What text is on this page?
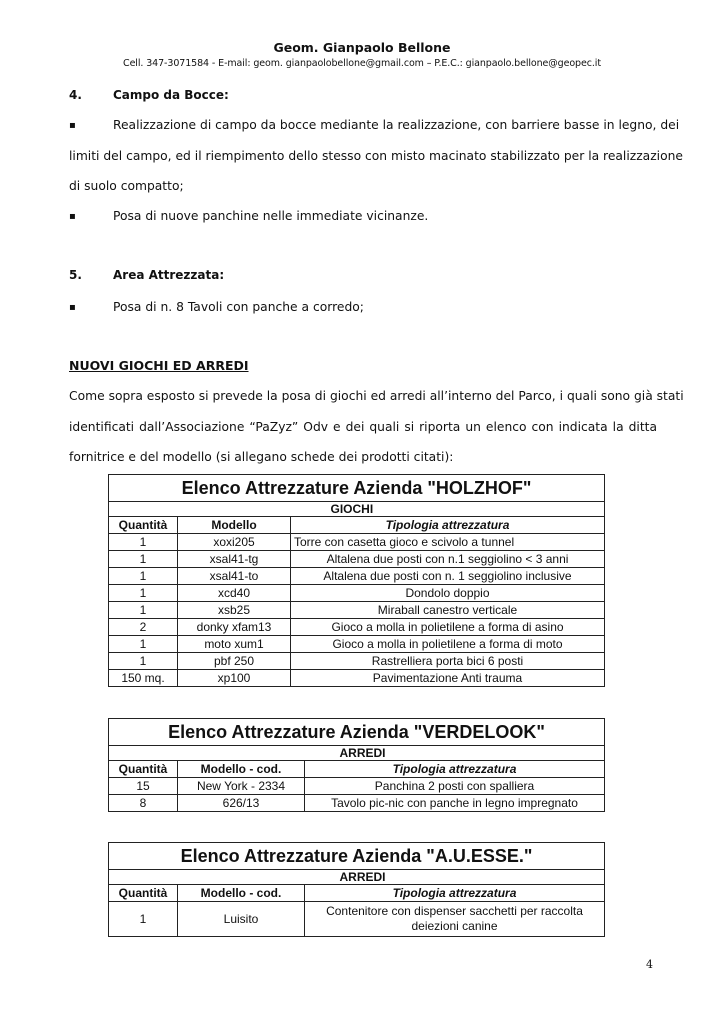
Geom. Gianpaolo Bellone
Cell. 347-3071584 - E-mail: geom. gianpaolobellone@gmail.com – P.E.C.: gianpaolo.bellone@geopec.it
4.	Campo da Bocce:
▪	Realizzazione di campo da bocce mediante la realizzazione, con barriere basse in legno, dei
limiti del campo, ed il riempimento dello stesso con misto macinato stabilizzato per la realizzazione
di suolo compatto;
▪	Posa di nuove panchine nelle immediate vicinanze.
5.	Area Attrezzata:
▪	Posa di n. 8 Tavoli con panche a corredo;
NUOVI GIOCHI ED ARREDI
Come sopra esposto si prevede la posa di giochi ed arredi all’interno del Parco, i quali sono già stati
identificati dall’Associazione “PaZyz” Odv e dei quali si riporta un elenco con indicata la ditta
fornitrice e del modello (si allegano schede dei prodotti citati):
Elenco Attrezzature Azienda "HOLZHOF"		
		GIOCHI
Quantità	Modello	Tipologia attrezzatura
1	xoxi205	Torre con casetta gioco e scivolo a tunnel
1	xsal41-tg	Altalena due posti con n.1 seggiolino < 3 anni
1	xsal41-to	Altalena due posti con n. 1 seggiolino inclusive
1	xcd40	Dondolo doppio
1	xsb25	Miraball canestro verticale
2	donky xfam13	Gioco a molla in polietilene a forma di asino
1	moto xum1	Gioco a molla in polietilene a forma di moto
1	pbf 250	Rastrelliera porta bici 6 posti
150 mq.	xp100	Pavimentazione Anti trauma
Elenco Attrezzature Azienda "VERDELOOK"		
		ARREDI
Quantità	Modello - cod.	Tipologia attrezzatura
15	New York - 2334	Panchina 2 posti con spalliera
8	626/13	Tavolo pic-nic con panche in legno impregnato
Elenco Attrezzature Azienda "A.U.ESSE."		
		ARREDI
Quantità	Modello - cod.	Tipologia attrezzatura
1	Luisito	Contenitore con dispenser sacchetti per raccolta
deiezioni canine
4
